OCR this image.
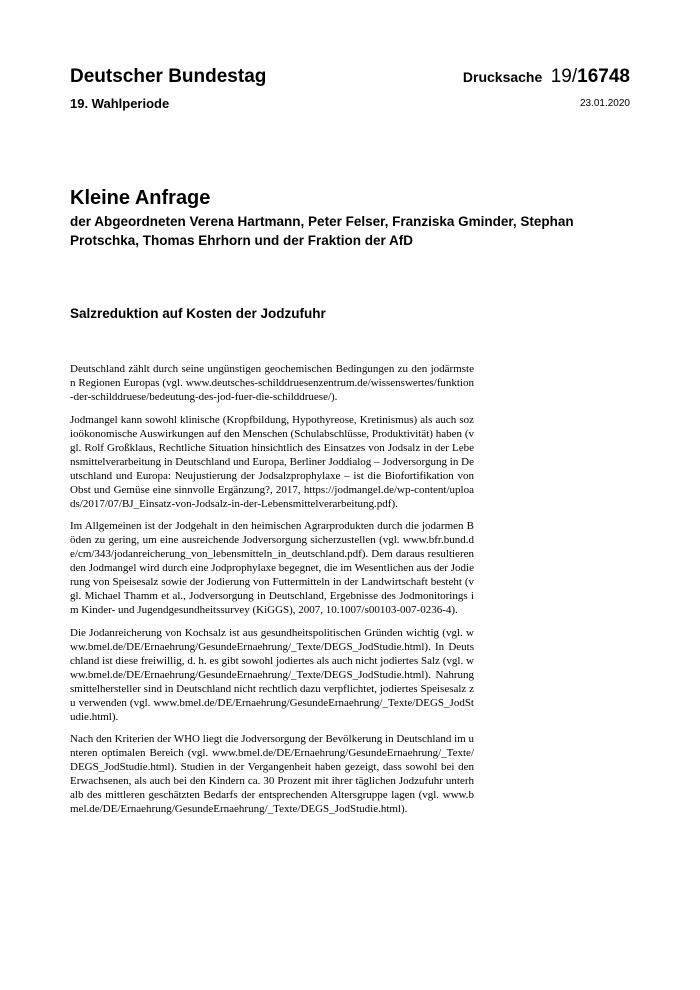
Deutscher Bundestag
19. Wahlperiode
Drucksache 19/16748
23.01.2020
Kleine Anfrage

der Abgeordneten Verena Hartmann, Peter Felser, Franziska Gminder, Stephan Protschka, Thomas Ehrhorn und der Fraktion der AfD

Salzreduktion auf Kosten der Jodzufuhr

Deutschland zählt durch seine ungünstigen geochemischen Bedingungen zu den jodärmsten Regionen Europas (vgl. www.deutsches-schilddruesenzentrum.de/wissenswertes/funktion-der-schilddruese/bedeutung-des-jod-fuer-die-schilddruese/).

Jodmangel kann sowohl klinische (Kropfbildung, Hypothyreose, Kretinismus) als auch sozioökonomische Auswirkungen auf den Menschen (Schulabschlüsse, Produktivität) haben (vgl. Rolf Großklaus, Rechtliche Situation hinsichtlich des Einsatzes von Jodsalz in der Lebensmittelverarbeitung in Deutschland und Europa, Berliner Joddialog – Jodversorgung in Deutschland und Europa: Neujustierung der Jodsalzprophylaxe – ist die Biofortifikation von Obst und Gemüse eine sinnvolle Ergänzung?, 2017, https://jodmangel.de/wp-content/uploads/2017/07/BJ_Einsatz-von-Jodsalz-in-der-Lebensmittelverarbeitung.pdf).

Im Allgemeinen ist der Jodgehalt in den heimischen Agrarprodukten durch die jodarmen Böden zu gering, um eine ausreichende Jodversorgung sicherzustellen (vgl. www.bfr.bund.de/cm/343/jodanreicherung_von_lebensmitteln_in_deutschland.pdf). Dem daraus resultierenden Jodmangel wird durch eine Jodprophylaxe begegnet, die im Wesentlichen aus der Jodierung von Speisesalz sowie der Jodierung von Futtermitteln in der Landwirtschaft besteht (vgl. Michael Thamm et al., Jodversorgung in Deutschland, Ergebnisse des Jodmonitorings im Kinder- und Jugendgesundheitssurvey (KiGGS), 2007, 10.1007/s00103-007-0236-4).

Die Jodanreicherung von Kochsalz ist aus gesundheitspolitischen Gründen wichtig (vgl. www.bmel.de/DE/Ernaehrung/GesundeErnaehrung/_Texte/DEGS_JodStudie.html). In Deutschland ist diese freiwillig, d. h. es gibt sowohl jodiertes als auch nicht jodiertes Salz (vgl. www.bmel.de/DE/Ernaehrung/GesundeErnaehrung/_Texte/DEGS_JodStudie.html). Nahrungsmittelhersteller sind in Deutschland nicht rechtlich dazu verpflichtet, jodiertes Speisesalz zu verwenden (vgl. www.bmel.de/DE/Ernaehrung/GesundeErnaehrung/_Texte/DEGS_JodStudie.html).

Nach den Kriterien der WHO liegt die Jodversorgung der Bevölkerung in Deutschland im unteren optimalen Bereich (vgl. www.bmel.de/DE/Ernaehrung/GesundeErnaehrung/_Texte/DEGS_JodStudie.html). Studien in der Vergangenheit haben gezeigt, dass sowohl bei den Erwachsenen, als auch bei den Kindern ca. 30 Prozent mit ihrer täglichen Jodzufuhr unterhalb des mittleren geschätzten Bedarfs der entsprechenden Altersgruppe lagen (vgl. www.bmel.de/DE/Ernaehrung/GesundeErnaehrung/_Texte/DEGS_JodStudie.html).
